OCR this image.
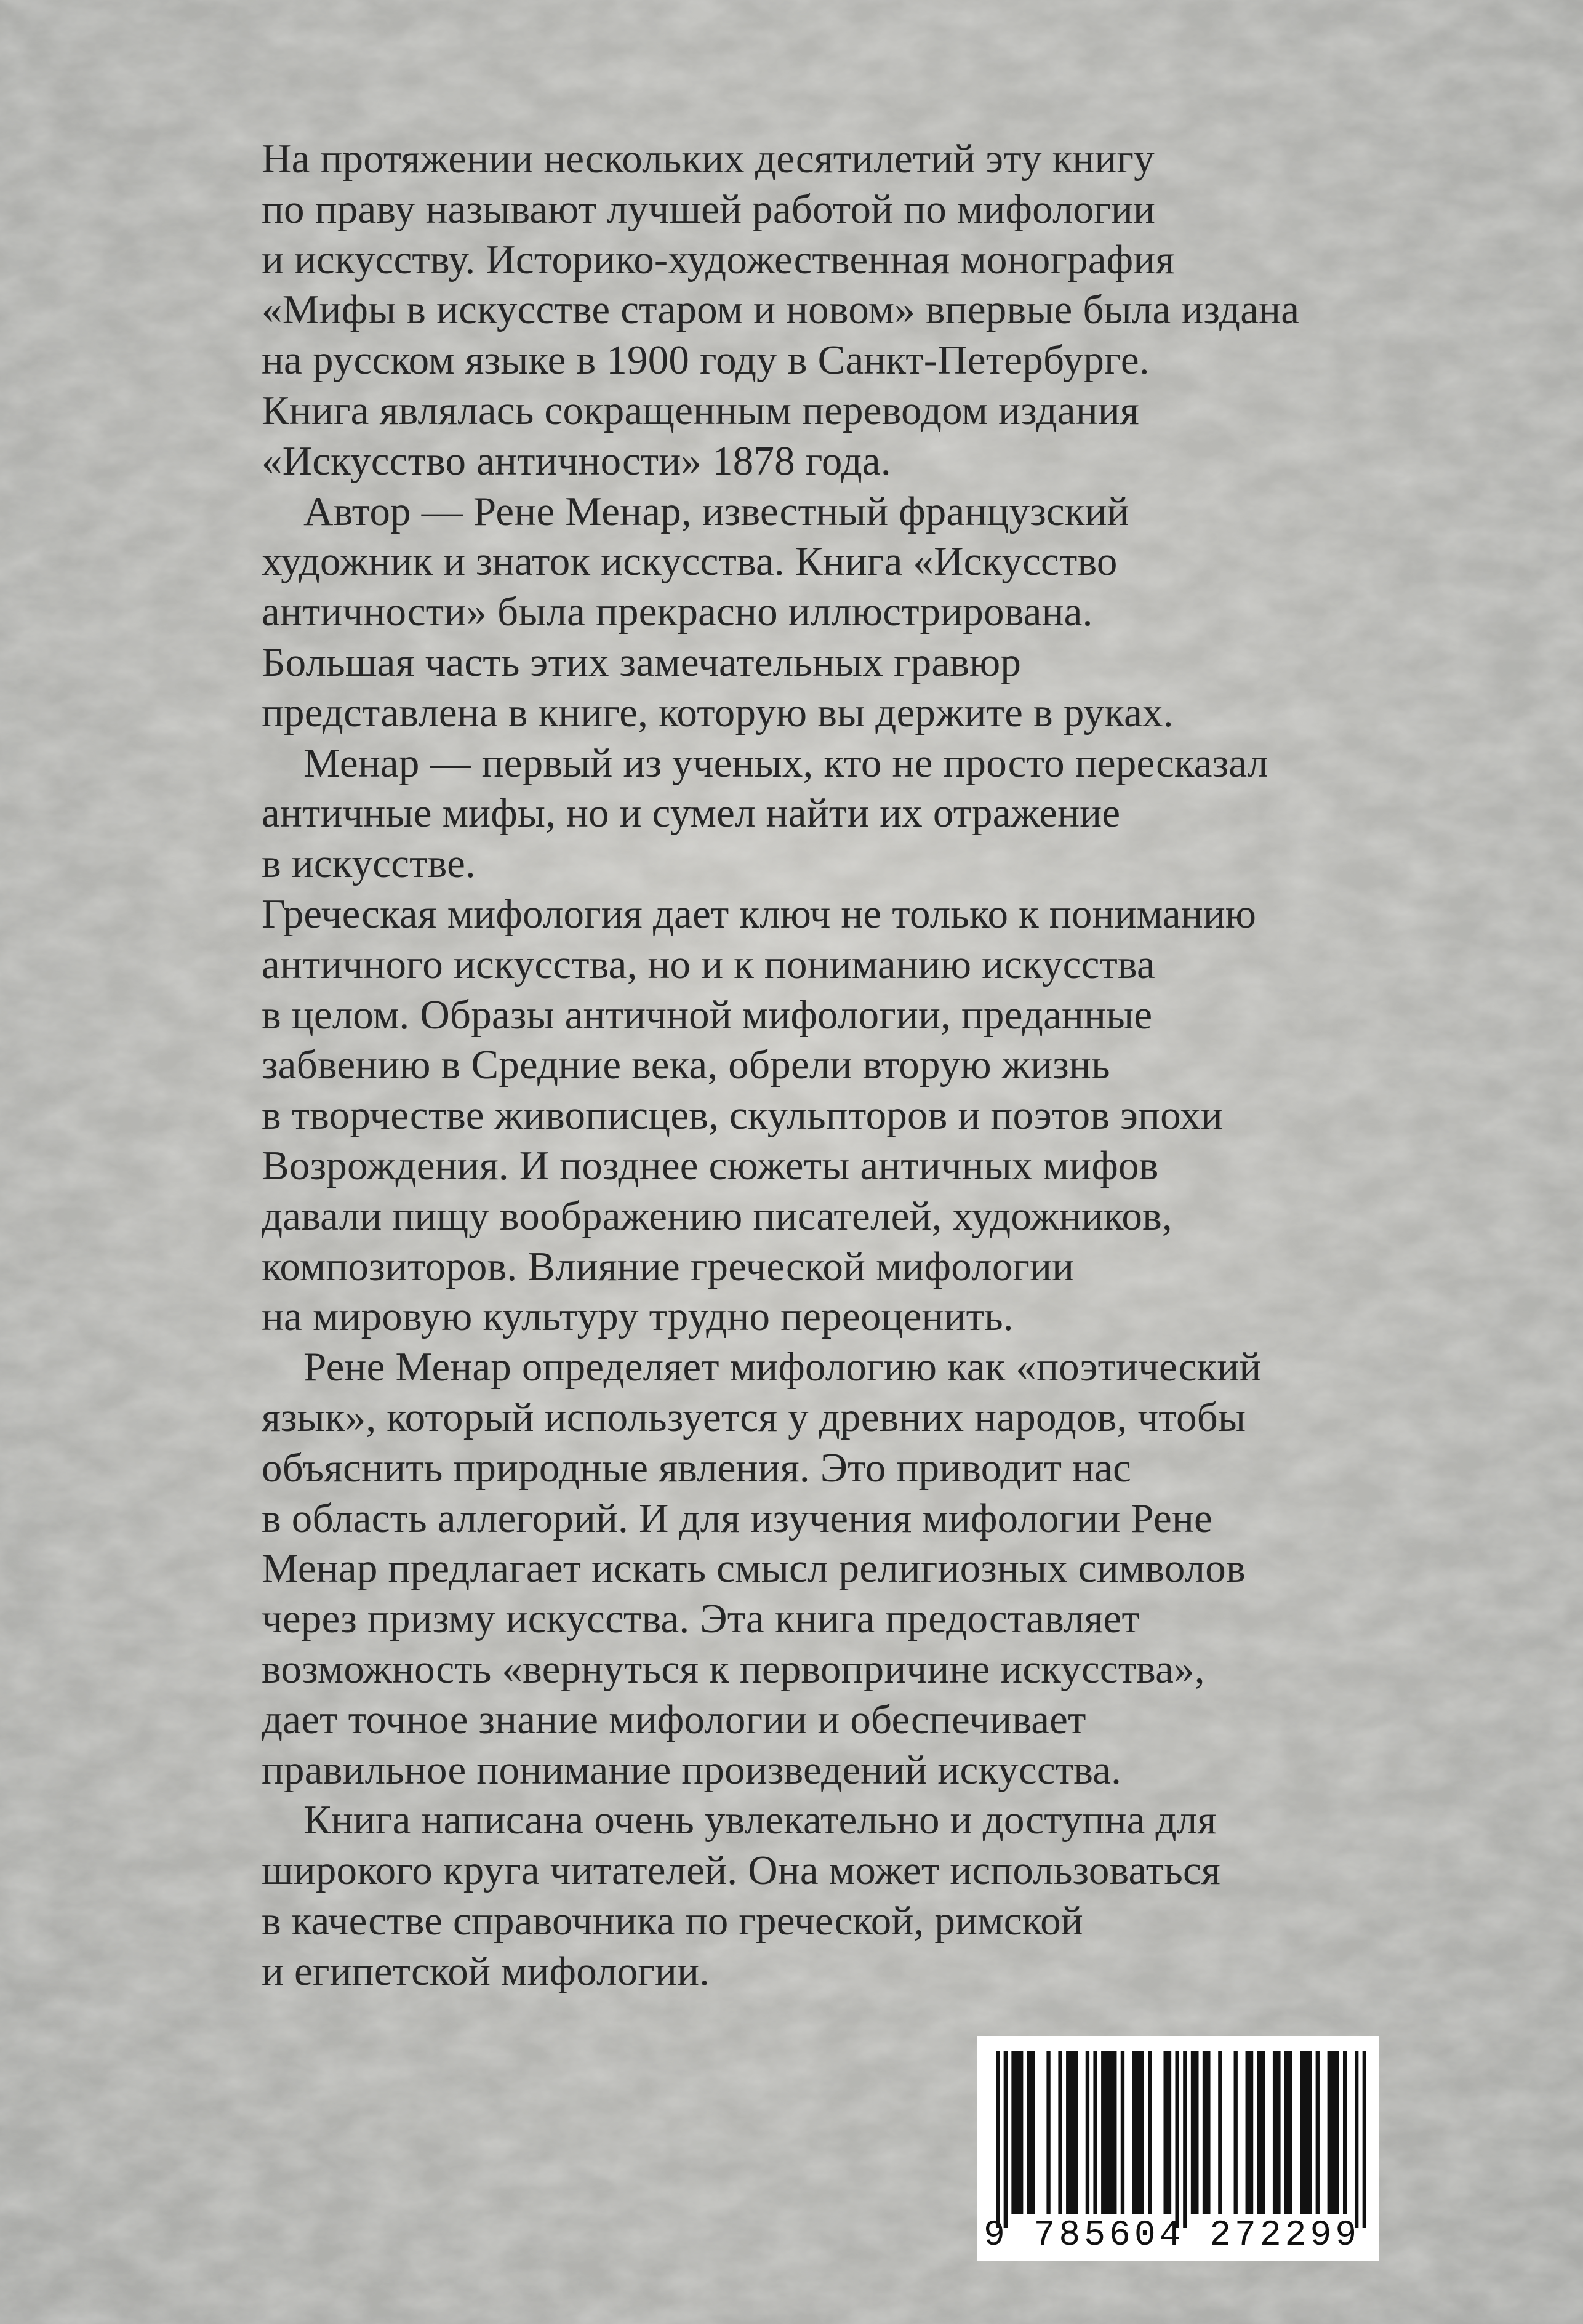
На протяжении нескольких десятилетий эту книгу
по праву называют лучшей работой по мифологии
и искусству. Историко-художественная монография
«Мифы в искусстве старом и новом» впервые была издана
на русском языке в 1900 году в Санкт-Петербурге.
Книга являлась сокращенным переводом издания
«Искусство античности» 1878 года.
Автор — Рене Менар, известный французский
художник и знаток искусства. Книга «Искусство
античности» была прекрасно иллюстрирована.
Большая часть этих замечательных гравюр
представлена в книге, которую вы держите в руках.
Менар — первый из ученых, кто не просто пересказал
античные мифы, но и сумел найти их отражение
в искусстве.
Греческая мифология дает ключ не только к пониманию
античного искусства, но и к пониманию искусства
в целом. Образы античной мифологии, преданные
забвению в Средние века, обрели вторую жизнь
в творчестве живописцев, скульпторов и поэтов эпохи
Возрождения. И позднее сюжеты античных мифов
давали пищу воображению писателей, художников,
композиторов. Влияние греческой мифологии
на мировую культуру трудно переоценить.
Рене Менар определяет мифологию как «поэтический
язык», который используется у древних народов, чтобы
объяснить природные явления. Это приводит нас
в область аллегорий. И для изучения мифологии Рене
Менар предлагает искать смысл религиозных символов
через призму искусства. Эта книга предоставляет
возможность «вернуться к первопричине искусства»,
дает точное знание мифологии и обеспечивает
правильное понимание произведений искусства.
Книга написана очень увлекательно и доступна для
широкого круга читателей. Она может использоваться
в качестве справочника по греческой, римской
и египетской мифологии.
9 785604 272299
